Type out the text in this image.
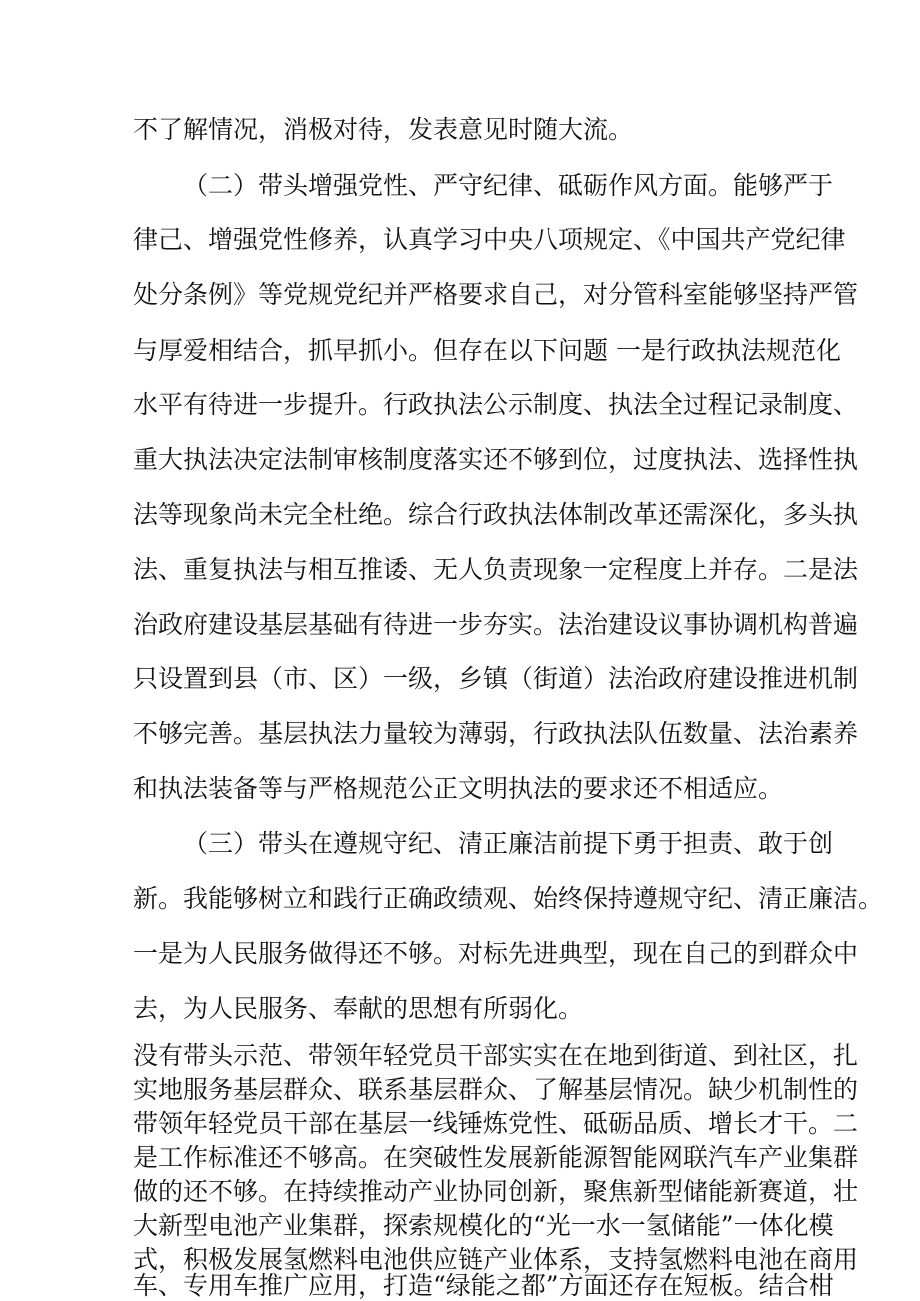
不了解情况，消极对待，发表意见时随大流。
（二）带头增强党性、严守纪律、砥砺作风方面。能够严于
律己、增强党性修养，认真学习中央八项规定、《中国共产党纪律
处分条例》等党规党纪并严格要求自己，对分管科室能够坚持严管
与厚爱相结合，抓早抓小。但存在以下问题 一是行政执法规范化
水平有待进一步提升。行政执法公示制度、执法全过程记录制度、
重大执法决定法制审核制度落实还不够到位，过度执法、选择性执
法等现象尚未完全杜绝。综合行政执法体制改革还需深化，多头执
法、重复执法与相互推诿、无人负责现象一定程度上并存。二是法
治政府建设基层基础有待进一步夯实。法治建设议事协调机构普遍
只设置到县（市、区）一级，乡镇（街道）法治政府建设推进机制
不够完善。基层执法力量较为薄弱，行政执法队伍数量、法治素养
和执法装备等与严格规范公正文明执法的要求还不相适应。
（三）带头在遵规守纪、清正廉洁前提下勇于担责、敢于创
新。我能够树立和践行正确政绩观、始终保持遵规守纪、清正廉洁。
一是为人民服务做得还不够。对标先进典型，现在自己的到群众中
去，为人民服务、奉献的思想有所弱化。
没有带头示范、带领年轻党员干部实实在在地到街道、到社区，扎
实地服务基层群众、联系基层群众、了解基层情况。缺少机制性的
带领年轻党员干部在基层一线锤炼党性、砥砺品质、增长才干。二
是工作标准还不够高。在突破性发展新能源智能网联汽车产业集群
做的还不够。在持续推动产业协同创新，聚焦新型储能新赛道，壮
大新型电池产业集群，探索规模化的“光一水一氢储能”一体化模
式，积极发展氢燃料电池供应链产业体系，支持氢燃料电池在商用
车、专用车推广应用，打造“绿能之都”方面还存在短板。结合柑
